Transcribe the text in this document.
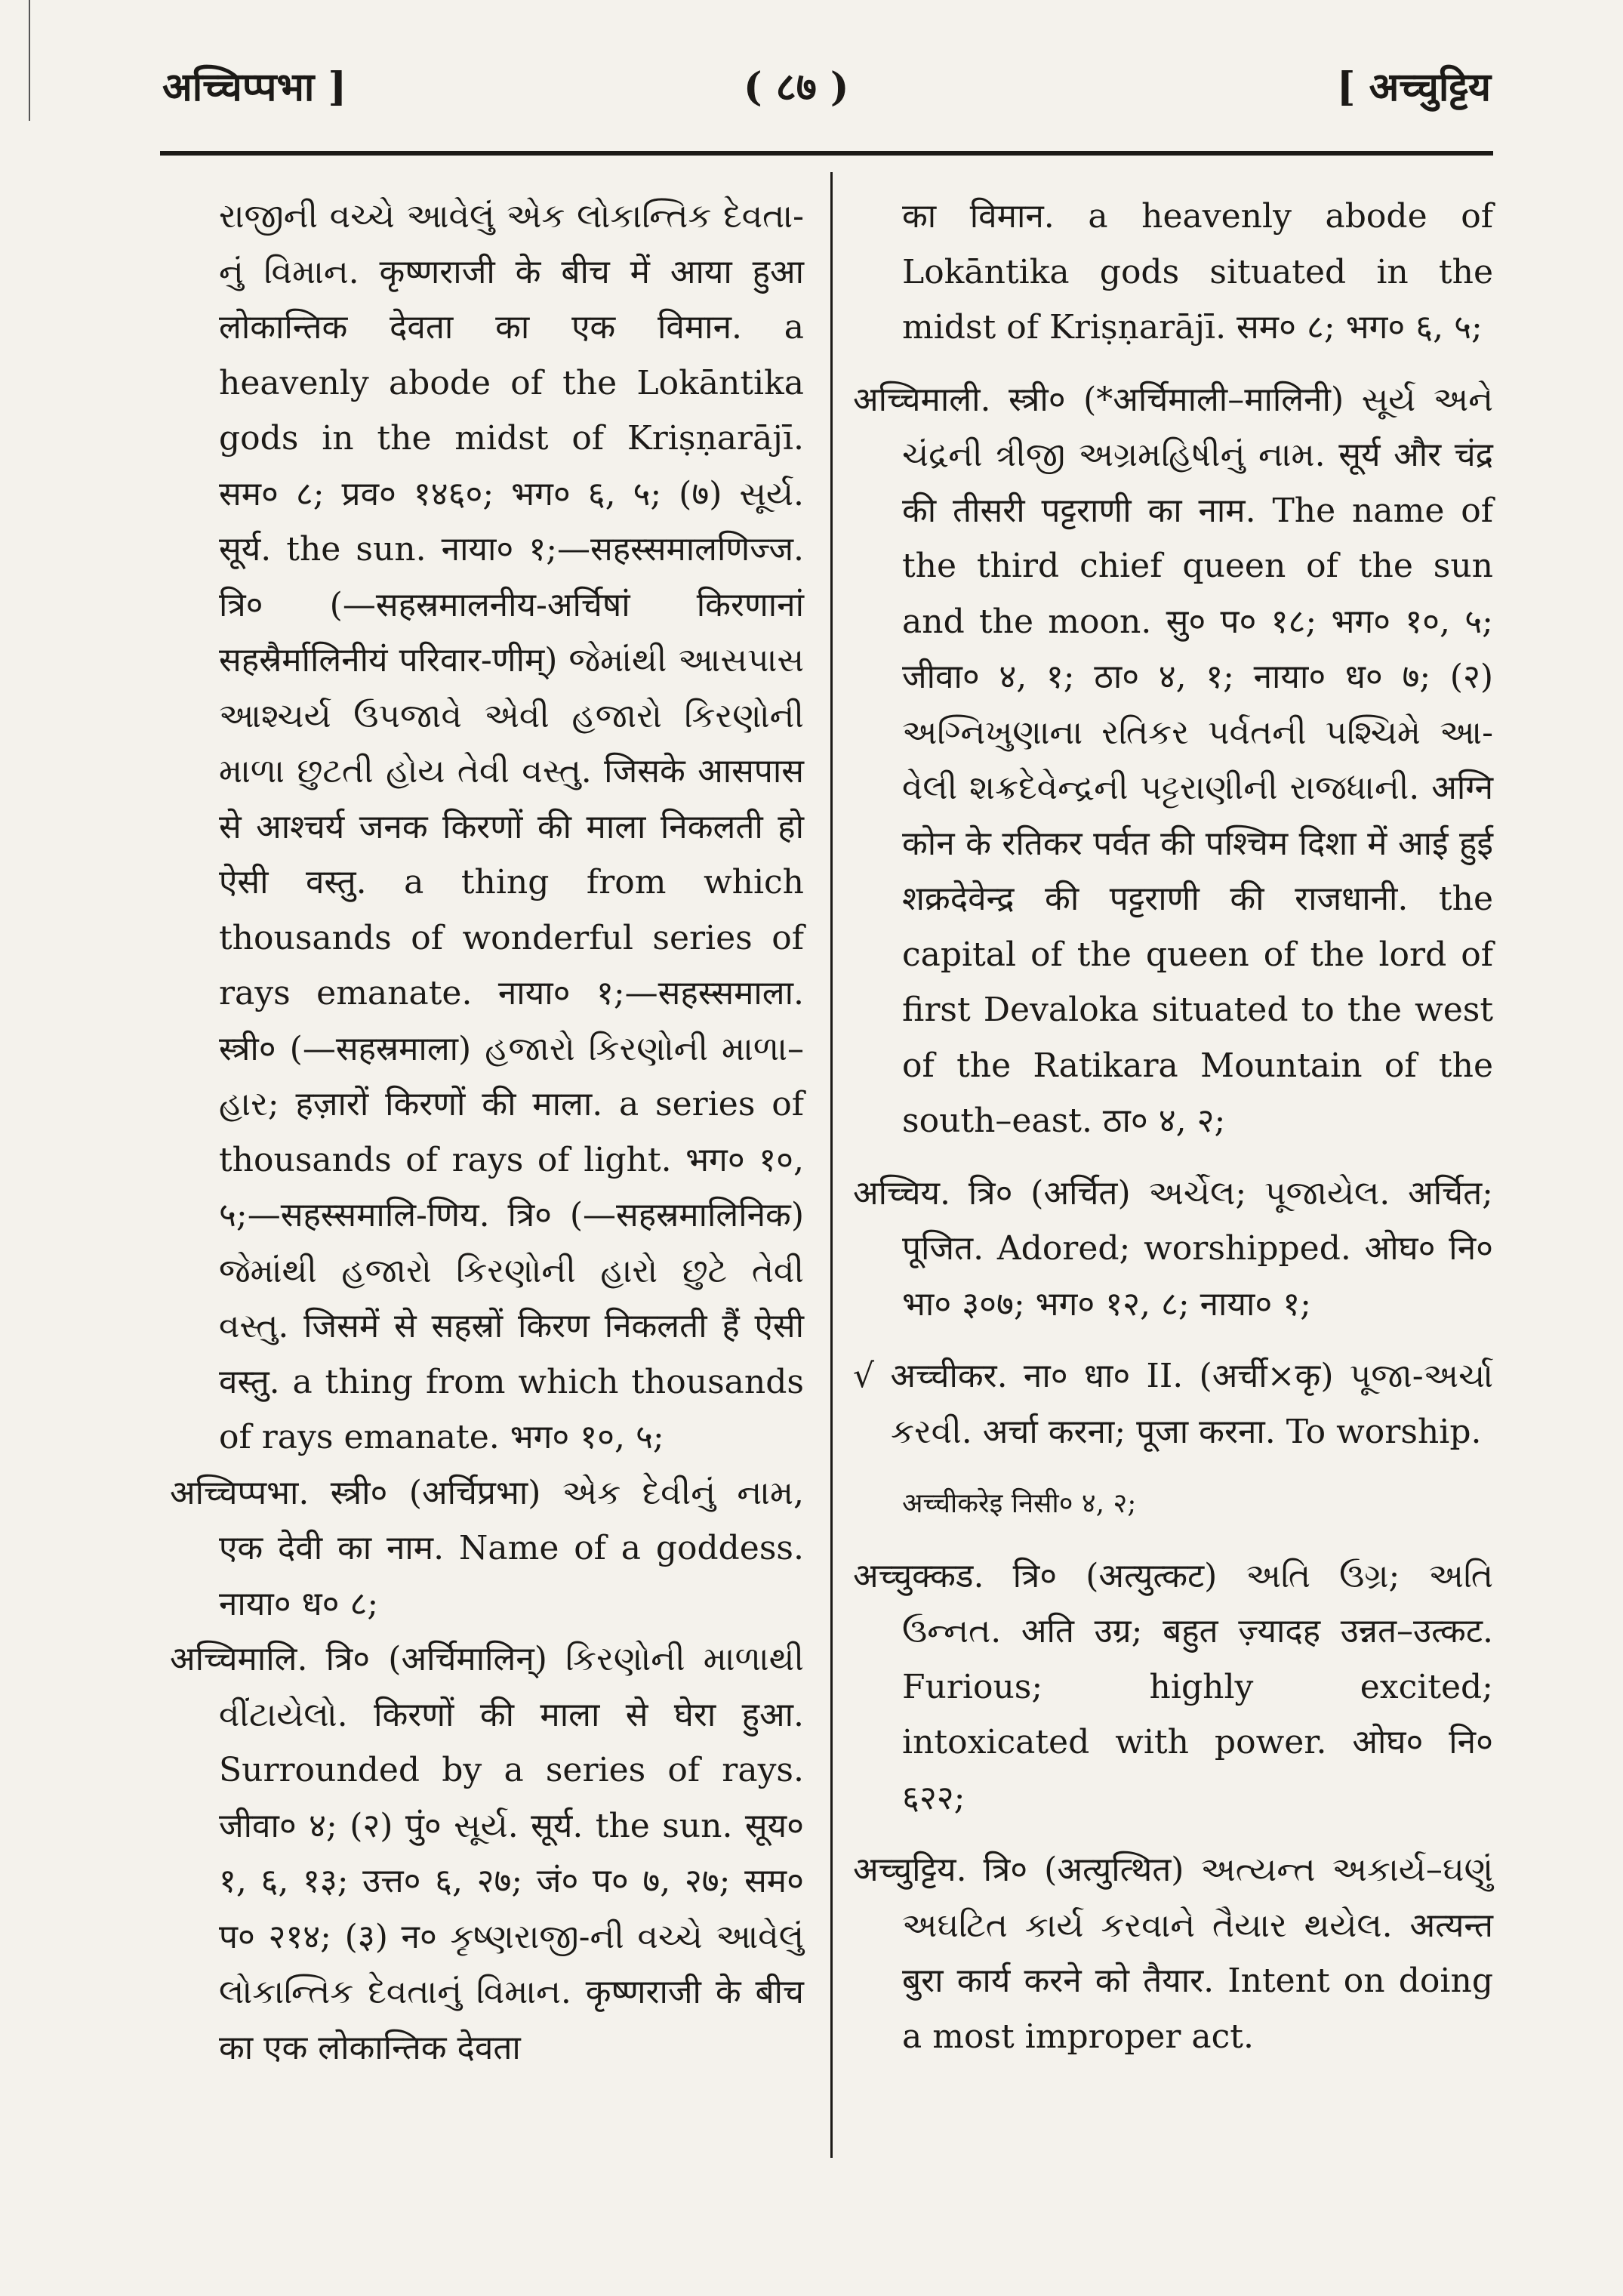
अच्चिप्पभा ]	( ८७ )	[ अच्चुट्टिय

રાજીની વચ્ચે આવેલું એક લોકાન્તિક દેવતા-નું વિમાન. कृष्णराजी के बीच में आया हुआ लोकान्तिक देवता का एक विमान. a heavenly abode of the Lokāntika gods in the midst of Kriṣṇarājī. सम० ८; प्रव० १४६०; भग० ६, ५; (७) સૂર્ય. सूर्य. the sun. नाया० १;—सहस्समालणिज्ज. त्रि० (—सहस्रमालनीय-अर्चिषां किरणानां सहस्रैर्मालिनीयं परिवार-णीम्) જેમાંથી આસપાસ આશ્ચર્ય ઉપજાવે એવી હજારો કિરણોની માળા છુટતી હોય તેવી વસ્તુ. जिसके आसपास से आश्चर्य जनक किरणों की माला निकलती हो ऐसी वस्तु. a thing from which thousands of wonderful series of rays emanate. नाया० १;—सहस्समाला. स्त्री० (—सहस्रमाला) હજારો કિરણોની માળા–હાર; हज़ारों किरणों की माला. a series of thousands of rays of light. भग० १०, ५;—सहस्समालि-णिय. त्रि० (—सहस्रमालिनिक) જેમાંથી હજારો કિરણોની હારો છુટે તેવી વસ્તુ. जिसमें से सहस्रों किरण निकलती हैं ऐसी वस्तु. a thing from which thousands of rays emanate. भग० १०, ५;

अच्चिप्पभा. स्त्री० (अर्चिप्रभा) એક દેવીનું નામ, एक देवी का नाम. Name of a goddess. नाया० ध० ८;

अच्चिमालि. त्रि० (अर्चिमालिन्) કિરણોની માળાથી વીંટાયેલો. किरणों की माला से घेरा हुआ. Surrounded by a series of rays. जीवा० ४; (२) पुं० સૂર્ય. सूर्य. the sun. सूय० १, ६, १३; उत्त० ६, २७; जं० प० ७, २७; सम० प० २१४; (३) न० કૃષ્ણરાજી-ની વચ્ચે આવેલું લોકાન્તિક દેવતાનું વિમાન. कृष्णराजी के बीच का एक लोकान्तिक देवता

का विमान. a heavenly abode of Lokāntika gods situated in the midst of Kriṣṇarājī. सम० ८; भग० ६, ५;

अच्चिमाली. स्त्री० (*अर्चिमाली–मालिनी) સૂર્ય અને ચંદ્રની ત્રીજી અગ્રમહિષીનું નામ. सूर्य और चंद्र की तीसरी पट्टराणी का नाम. The name of the third chief queen of the sun and the moon. सु० प० १८; भग० १०, ५; जीवा० ४, १; ठा० ४, १; नाया० ध० ७; (२) અગ્નિખુણાના રતિકર પર્વતની પશ્ચિમે આ-વેલી શક્રદેવેન્દ્રની પટ્ટરાણીની રાજધાની. अग्नि कोन के रतिकर पर्वत की पश्चिम दिशा में आई हुई शक्रदेवेन्द्र की पट्टराणी की राजधानी. the capital of the queen of the lord of first Devaloka situated to the west of the Ratikara Mountain of the south–east. ठा० ४, २;

अच्चिय. त्रि० (अर्चित) અર્ચેલ; પૂજાયેલ. अर्चित; पूजित. Adored; worshipped. ओघ० नि० भा० ३०७; भग० १२, ८; नाया० १;

√ अच्चीकर. ना० धा० II. (अर्ची×कृ) પૂજા-અર્ચા કરવી. अर्चा करना; पूजा करना. To worship.

अच्चीकरेइ निसी० ४, २;

अच्चुक्कड. त्रि० (अत्युत्कट) અતિ ઉગ્ર; અતિ ઉન્નત. अति उग्र; बहुत ज़्यादह उन्नत–उत्कट. Furious; highly excited; intoxicated with power. ओघ० नि० ६२२;

अच्चुट्टिय. त्रि० (अत्युत्थित) અત્યન્ત અકાર્ય–ઘણું અઘટિત કાર્ય કરવાને તૈયાર થયેલ. अत्यन्त बुरा कार्य करने को तैयार. Intent on doing a most improper act.
